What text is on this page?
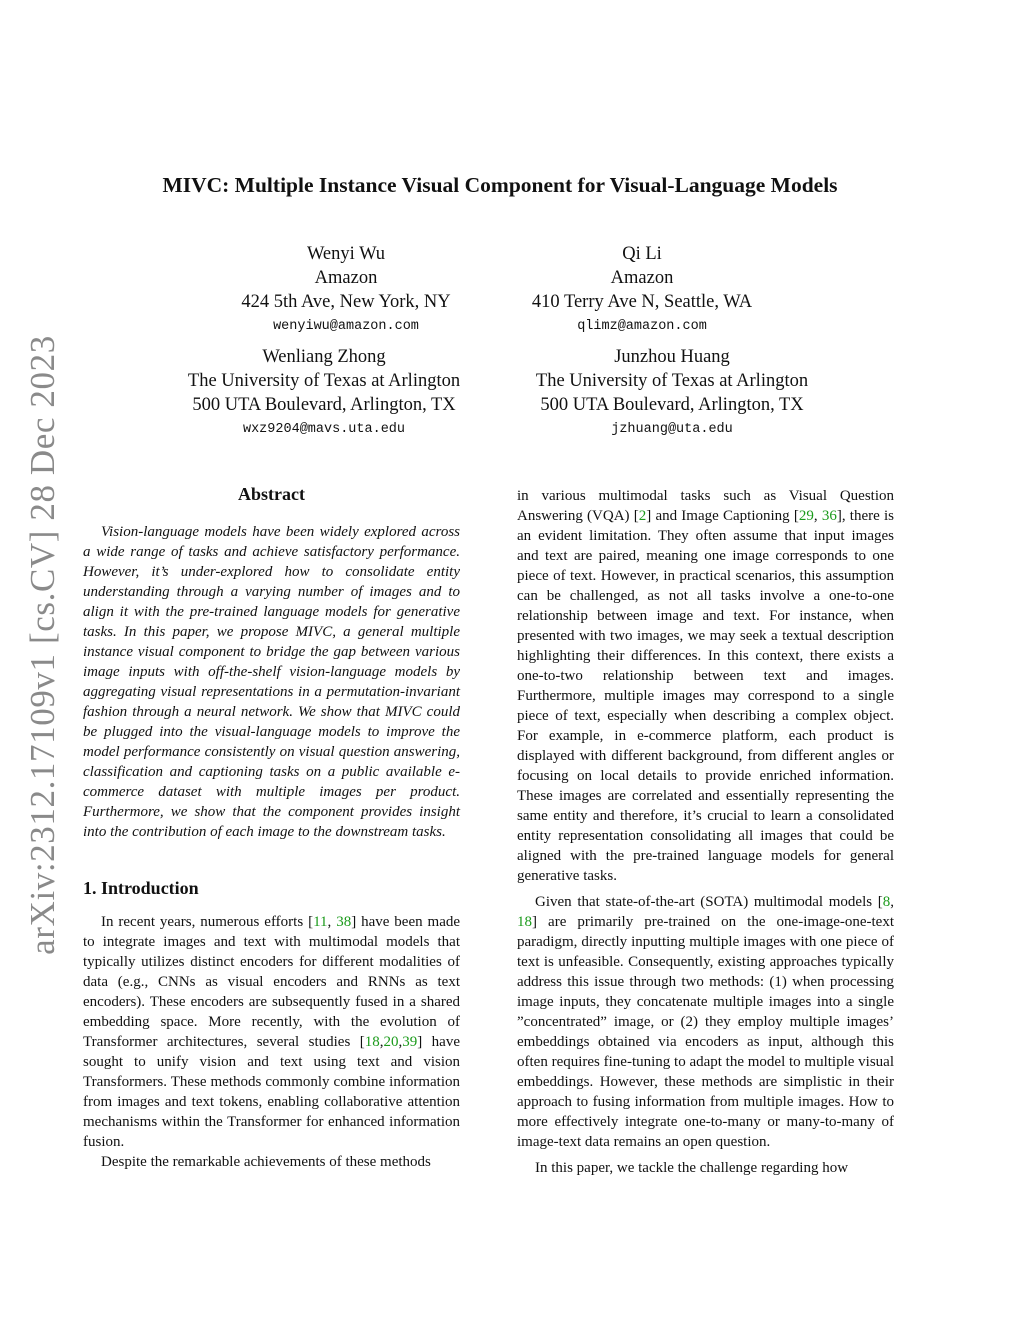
arXiv:2312.17109v1 [cs.CV] 28 Dec 2023
MIVC: Multiple Instance Visual Component for Visual-Language Models
Wenyi Wu
Amazon
424 5th Ave, New York, NY
wenyiwu@amazon.com
Qi Li
Amazon
410 Terry Ave N, Seattle, WA
qlimz@amazon.com
Wenliang Zhong
The University of Texas at Arlington
500 UTA Boulevard, Arlington, TX
wxz9204@mavs.uta.edu
Junzhou Huang
The University of Texas at Arlington
500 UTA Boulevard, Arlington, TX
jzhuang@uta.edu
Abstract

Vision-language models have been widely explored across a wide range of tasks and achieve satisfactory performance. However, it’s under-explored how to consolidate entity understanding through a varying number of images and to align it with the pre-trained language models for generative tasks. In this paper, we propose MIVC, a general multiple instance visual component to bridge the gap between various image inputs with off-the-shelf vision-language models by aggregating visual representations in a permutation-invariant fashion through a neural network. We show that MIVC could be plugged into the visual-language models to improve the model performance consistently on visual question answering, classification and captioning tasks on a public available e-commerce dataset with multiple images per product. Furthermore, we show that the component provides insight into the contribution of each image to the downstream tasks.

1. Introduction

In recent years, numerous efforts [11, 38] have been made to integrate images and text with multimodal models that typically utilizes distinct encoders for different modalities of data (e.g., CNNs as visual encoders and RNNs as text encoders). These encoders are subsequently fused in a shared embedding space. More recently, with the evolution of Transformer architectures, several studies [18,20,39] have sought to unify vision and text using text and vision Transformers. These methods commonly combine information from images and text tokens, enabling collaborative attention mechanisms within the Transformer for enhanced information fusion.

Despite the remarkable achievements of these methods

in various multimodal tasks such as Visual Question Answering (VQA) [2] and Image Captioning [29, 36], there is an evident limitation. They often assume that input images and text are paired, meaning one image corresponds to one piece of text. However, in practical scenarios, this assumption can be challenged, as not all tasks involve a one-to-one relationship between image and text. For instance, when presented with two images, we may seek a textual description highlighting their differences. In this context, there exists a one-to-two relationship between text and images. Furthermore, multiple images may correspond to a single piece of text, especially when describing a complex object. For example, in e-commerce platform, each product is displayed with different background, from different angles or focusing on local details to provide enriched information. These images are correlated and essentially representing the same entity and therefore, it’s crucial to learn a consolidated entity representation consolidating all images that could be aligned with the pre-trained language models for general generative tasks.

Given that state-of-the-art (SOTA) multimodal models [8, 18] are primarily pre-trained on the one-image-one-text paradigm, directly inputting multiple images with one piece of text is unfeasible. Consequently, existing approaches typically address this issue through two methods: (1) when processing image inputs, they concatenate multiple images into a single ”concentrated” image, or (2) they employ multiple images’ embeddings obtained via encoders as input, although this often requires fine-tuning to adapt the model to multiple visual embeddings. However, these methods are simplistic in their approach to fusing information from multiple images. How to more effectively integrate one-to-many or many-to-many of image-text data remains an open question.

In this paper, we tackle the challenge regarding how
